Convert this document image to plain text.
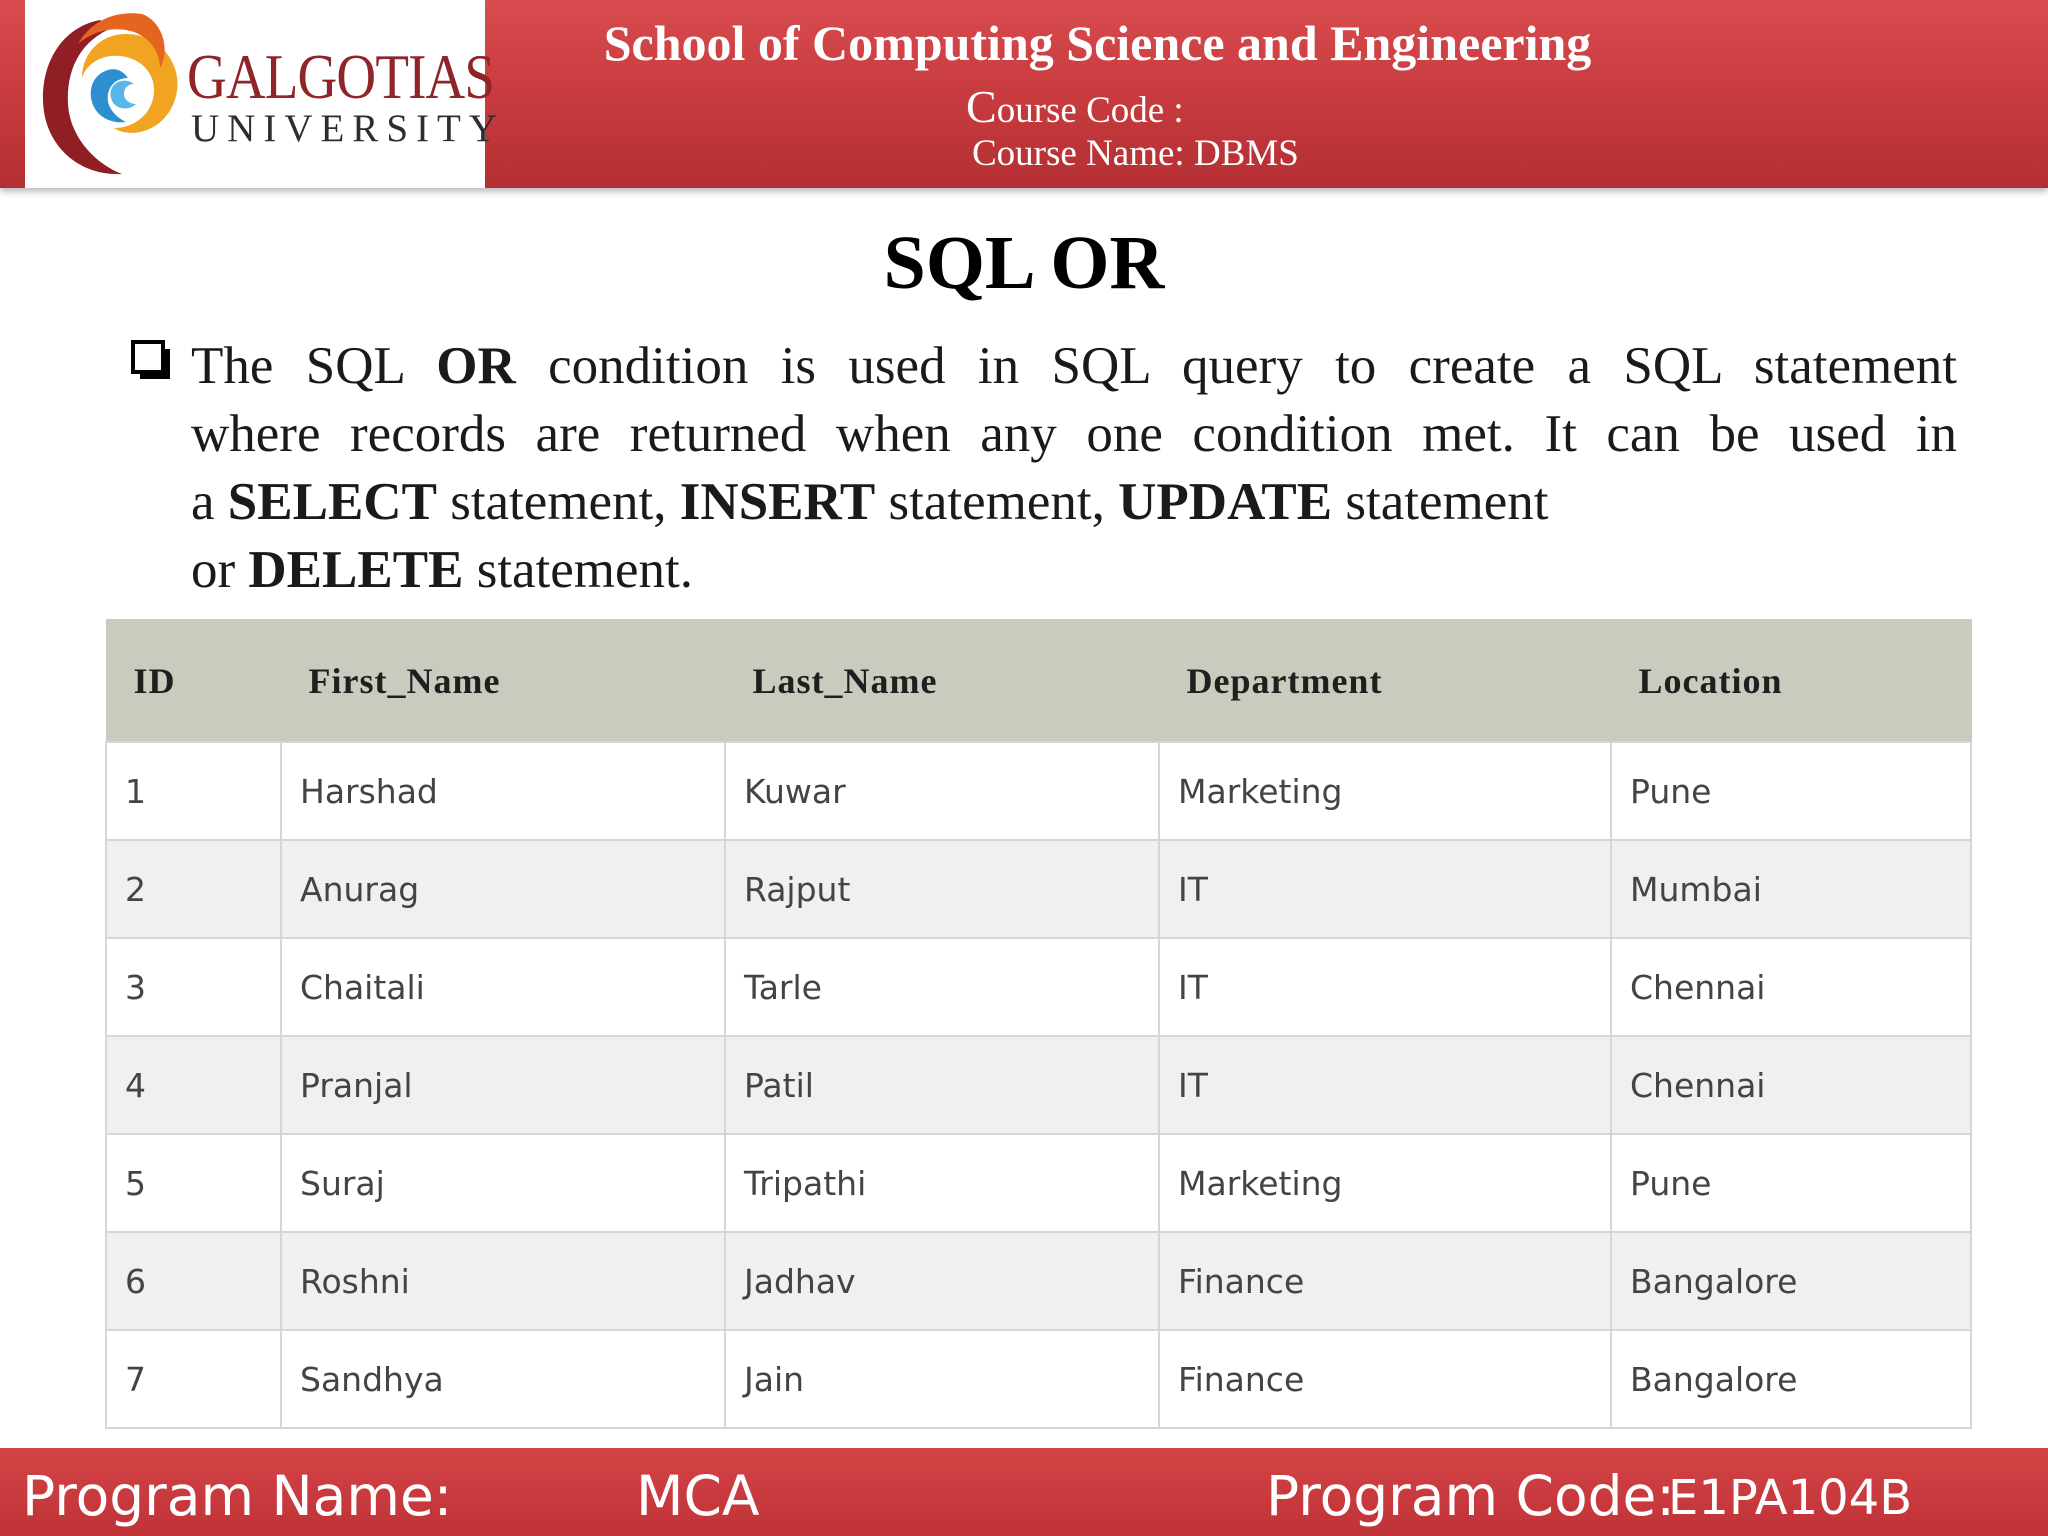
GALGOTIAS
UNIVERSITY
School of Computing Science and Engineering
Course Code :
Course Name: DBMS
SQL OR
The SQL OR condition is used in SQL query to create a SQL statement
where records are returned when any one condition met. It can be used in
a SELECT statement, INSERT statement, UPDATE statement
or DELETE statement.
ID	First_Name	Last_Name	Department	Location
1	Harshad	Kuwar	Marketing	Pune
2	Anurag	Rajput	IT	Mumbai
3	Chaitali	Tarle	IT	Chennai
4	Pranjal	Patil	IT	Chennai
5	Suraj	Tripathi	Marketing	Pune
6	Roshni	Jadhav	Finance	Bangalore
7	Sandhya	Jain	Finance	Bangalore
Program Name:	MCA	Program Code:
E1PA104B
